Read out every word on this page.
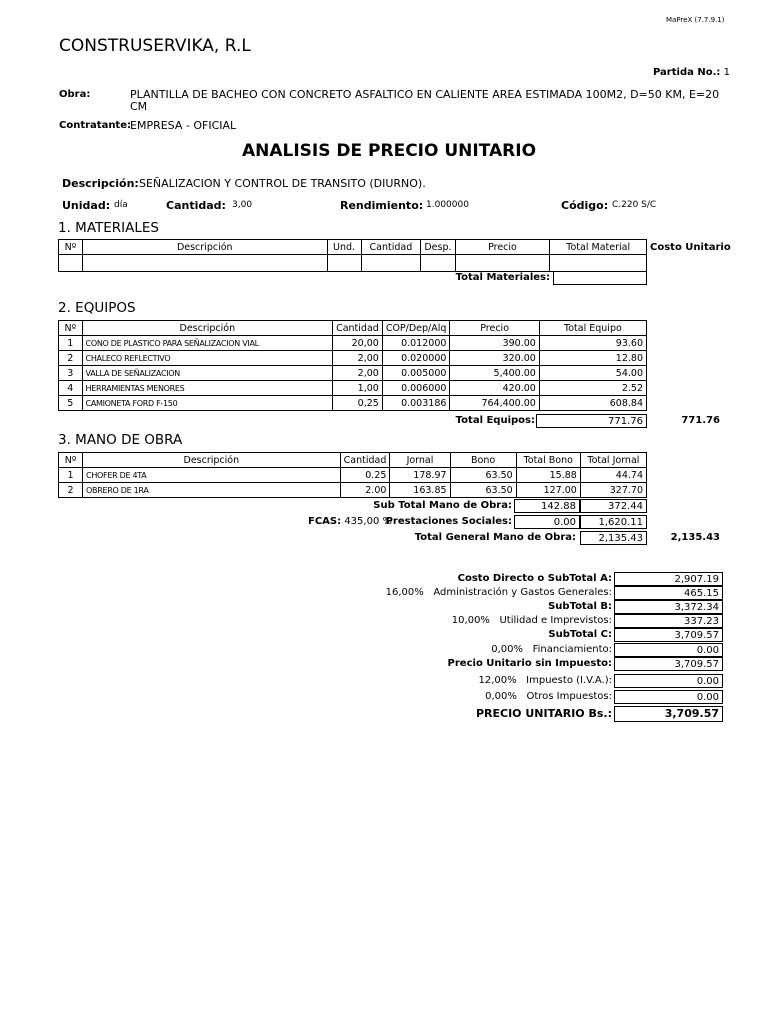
MaPreX (7.7.9.1)
CONSTRUSERVIKA, R.L
Partida No.: 1
Obra:	PLANTILLA DE BACHEO CON CONCRETO ASFALTICO EN CALIENTE AREA ESTIMADA 100M2, D=50 KM, E=20
CM
Contratante: EMPRESA - OFICIAL
ANALISIS DE PRECIO UNITARIO
Descripción: SEÑALIZACION Y CONTROL DE TRANSITO (DIURNO).
Unidad: día	Cantidad: 3,00	Rendimiento: 1.000000	Código: C.220 S/C
1. MATERIALES
Nº	Descripción	Und.	Cantidad	Desp.	Precio	Total Material
						Costo Unitario
Total Materiales:
2. EQUIPOS
Nº	Descripción	Cantidad	COP/Dep/Alq	Precio	Total Equipo
1	CONO DE PLASTICO PARA SEÑALIZACION VIAL	20,00	0.012000	390.00	93.60
2	CHALECO REFLECTIVO	2,00	0.020000	320.00	12.80
3	VALLA DE SEÑALIZACION	2,00	0.005000	5,400.00	54.00
4	HERRAMIENTAS MENORES	1,00	0.006000	420.00	2.52
5	CAMIONETA FORD F-150	0,25	0.003186	764,400.00	608.84
Total Equipos:	771.76	771.76
3. MANO DE OBRA
Nº	Descripción	Cantidad	Jornal	Bono	Total Bono	Total Jornal
1	CHOFER DE 4TA	0.25	178.97	63.50	15.88	44.74
2	OBRERO DE 1RA	2.00	163.85	63.50	127.00	327.70
Sub Total Mano de Obra:	142.88	372.44
FCAS: 435,00 %
Prestaciones Sociales:	0.00	1,620.11
Total General Mano de Obra:	2,135.43	2,135.43
Costo Directo o SubTotal A:	2,907.19
16,00% Administración y Gastos Generales:	465.15
SubTotal B:	3,372.34
10,00% Utilidad e Imprevistos:	337.23
SubTotal C:	3,709.57
0,00% Financiamiento:	0.00
Precio Unitario sin Impuesto:	3,709.57
12,00% Impuesto (I.V.A.):	0.00
0,00% Otros Impuestos:	0.00
PRECIO UNITARIO Bs.:	3,709.57
